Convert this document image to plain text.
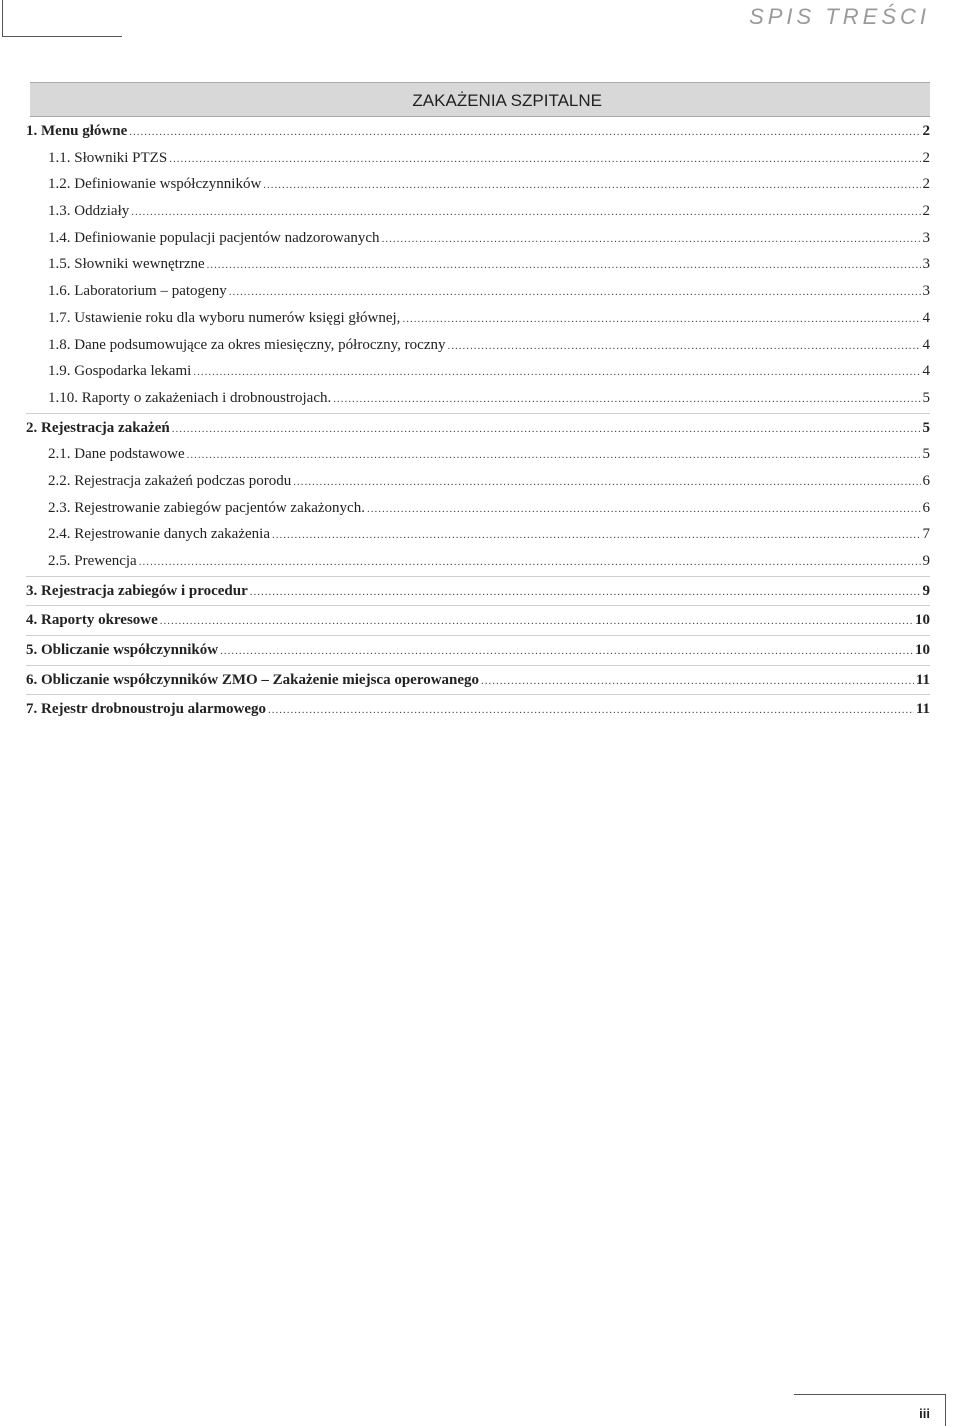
SPIS TREŚCI
ZAKAŻENIA SZPITALNE
1. Menu główne .....	2
1.1. Słowniki PTZS .....	2
1.2. Definiowanie współczynników .....	2
1.3. Oddziały .....	2
1.4. Definiowanie populacji pacjentów nadzorowanych .....	3
1.5. Słowniki wewnętrzne .....	3
1.6. Laboratorium – patogeny .....	3
1.7. Ustawienie roku dla wyboru numerów księgi głównej, .....	4
1.8. Dane podsumowujące za okres miesięczny, półroczny, roczny .....	4
1.9. Gospodarka lekami .....	4
1.10. Raporty o zakażeniach i drobnoustrojach. .....	5
2. Rejestracja zakażeń .....	5
2.1. Dane podstawowe .....	5
2.2. Rejestracja zakażeń podczas porodu .....	6
2.3. Rejestrowanie zabiegów pacjentów zakażonych. .....	6
2.4. Rejestrowanie danych zakażenia .....	7
2.5. Prewencja .....	9
3. Rejestracja zabiegów i procedur .....	9
4. Raporty okresowe .....	10
5. Obliczanie współczynników .....	10
6. Obliczanie współczynników ZMO – Zakażenie miejsca operowanego .....	11
7. Rejestr drobnoustroju alarmowego .....	11
iii
